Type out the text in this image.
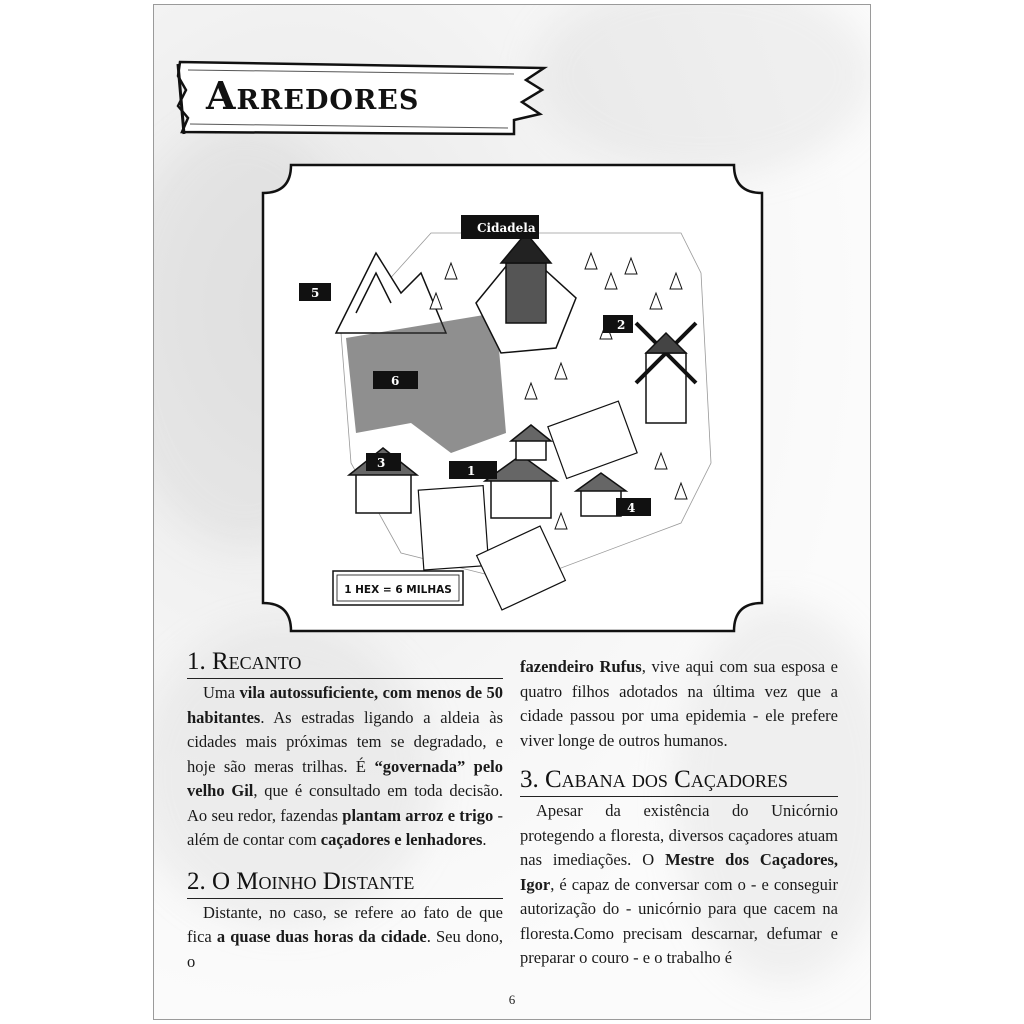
Arredores
Cidadela
1
2
3
4
5
6
1 HEX = 6 MILHAS
1. Recanto

Uma vila autossuficiente, com menos de 50 habitantes. As estradas ligando a aldeia às cidades mais próximas tem se degradado, e hoje são meras trilhas. É “governada” pelo velho Gil, que é consultado em toda decisão. Ao seu redor, fazendas plantam arroz e trigo - além de contar com caçadores e lenhadores.

2. O Moinho Distante

Distante, no caso, se refere ao fato de que fica a quase duas horas da cidade. Seu dono, o

fazendeiro Rufus, vive aqui com sua esposa e quatro filhos adotados na última vez que a cidade passou por uma epidemia - ele prefere viver longe de outros humanos.

3. Cabana dos Caçadores

Apesar da existência do Unicórnio protegendo a floresta, diversos caçadores atuam nas imediações. O Mestre dos Caçadores, Igor, é capaz de conversar com o - e conseguir autorização do - unicórnio para que cacem na floresta.Como precisam descarnar, defumar e preparar o couro - e o trabalho é

6
